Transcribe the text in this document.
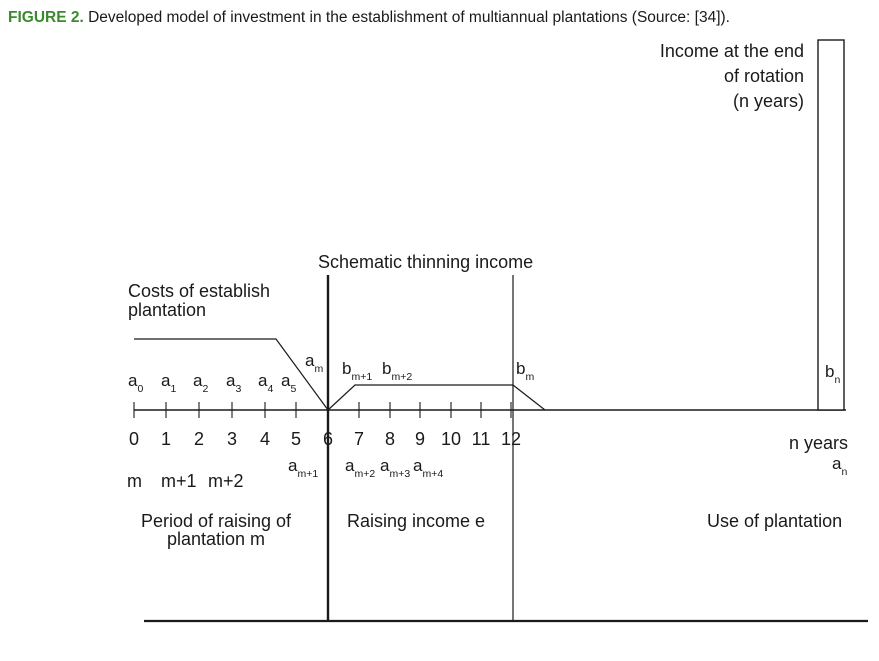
FIGURE 2. Developed model of investment in the establishment of multiannual plantations (Source: [34]).
Income at the end
of rotation
(n years)
Schematic thinning income
Costs of establish
plantation
n years
Period of raising of
plantation m
Raising income e	Use of plantation
0 1 2 3 4 5 6 7 8 9 10 11 12
m m+1 m+2
$a_0$ $a_1$ $a_2$ $a_3$ $a_4$ $a_5$
$a_m$ $b_{m+1}$ $b_{m+2}$	$b_m$	$b_n$
$a_{m+1}$ $a_{m+2}$ $a_{m+3}$ $a_{m+4}$
$a_n$
